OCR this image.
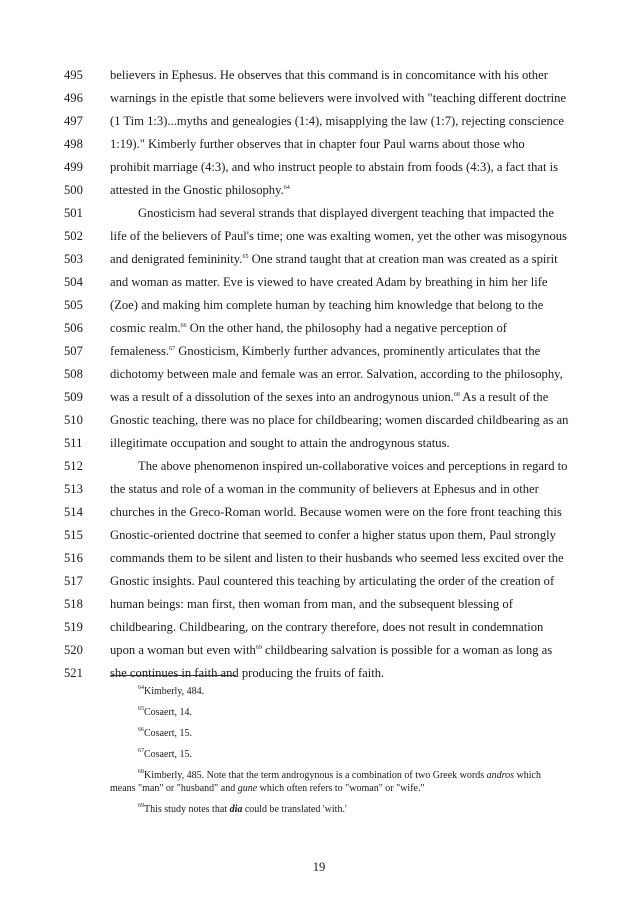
495	believers in Ephesus. He observes that this command is in concomitance with his other
496	warnings in the epistle that some believers were involved with "teaching different doctrine
497	(1 Tim 1:3)...myths and genealogies (1:4), misapplying the law (1:7), rejecting conscience
498	1:19)." Kimberly further observes that in chapter four Paul warns about those who
499	prohibit marriage (4:3), and who instruct people to abstain from foods (4:3), a fact that is
500	attested in the Gnostic philosophy.$^{64}$
501	Gnosticism had several strands that displayed divergent teaching that impacted the
502	life of the believers of Paul's time; one was exalting women, yet the other was misogynous
503	and denigrated femininity.$^{65}$ One strand taught that at creation man was created as a spirit
504	and woman as matter. Eve is viewed to have created Adam by breathing in him her life
505	(Zoe) and making him complete human by teaching him knowledge that belong to the
506	cosmic realm.$^{66}$ On the other hand, the philosophy had a negative perception of
507	femaleness.$^{67}$ Gnosticism, Kimberly further advances, prominently articulates that the
508	dichotomy between male and female was an error. Salvation, according to the philosophy,
509	was a result of a dissolution of the sexes into an androgynous union.$^{68}$ As a result of the
510	Gnostic teaching, there was no place for childbearing; women discarded childbearing as an
511	illegitimate occupation and sought to attain the androgynous status.
512	The above phenomenon inspired un-collaborative voices and perceptions in regard to
513	the status and role of a woman in the community of believers at Ephesus and in other
514	churches in the Greco-Roman world. Because women were on the fore front teaching this
515	Gnostic-oriented doctrine that seemed to confer a higher status upon them, Paul strongly
516	commands them to be silent and listen to their husbands who seemed less excited over the
517	Gnostic insights. Paul countered this teaching by articulating the order of the creation of
518	human beings: man first, then woman from man, and the subsequent blessing of
519	childbearing. Childbearing, on the contrary therefore, does not result in condemnation
520	upon a woman but even with$^{69}$ childbearing salvation is possible for a woman as long as
521	she continues in faith and producing the fruits of faith.
$^{64}$Kimberly, 484.
$^{65}$Cosaert, 14.
$^{66}$Cosaert, 15.
$^{67}$Cosaert, 15.
$^{68}$Kimberly, 485. Note that the term androgynous is a combination of two Greek words andros which
means "man" or "husband" and gune which often refers to "woman" or "wife."
$^{69}$This study notes that dia could be translated 'with.'
19
